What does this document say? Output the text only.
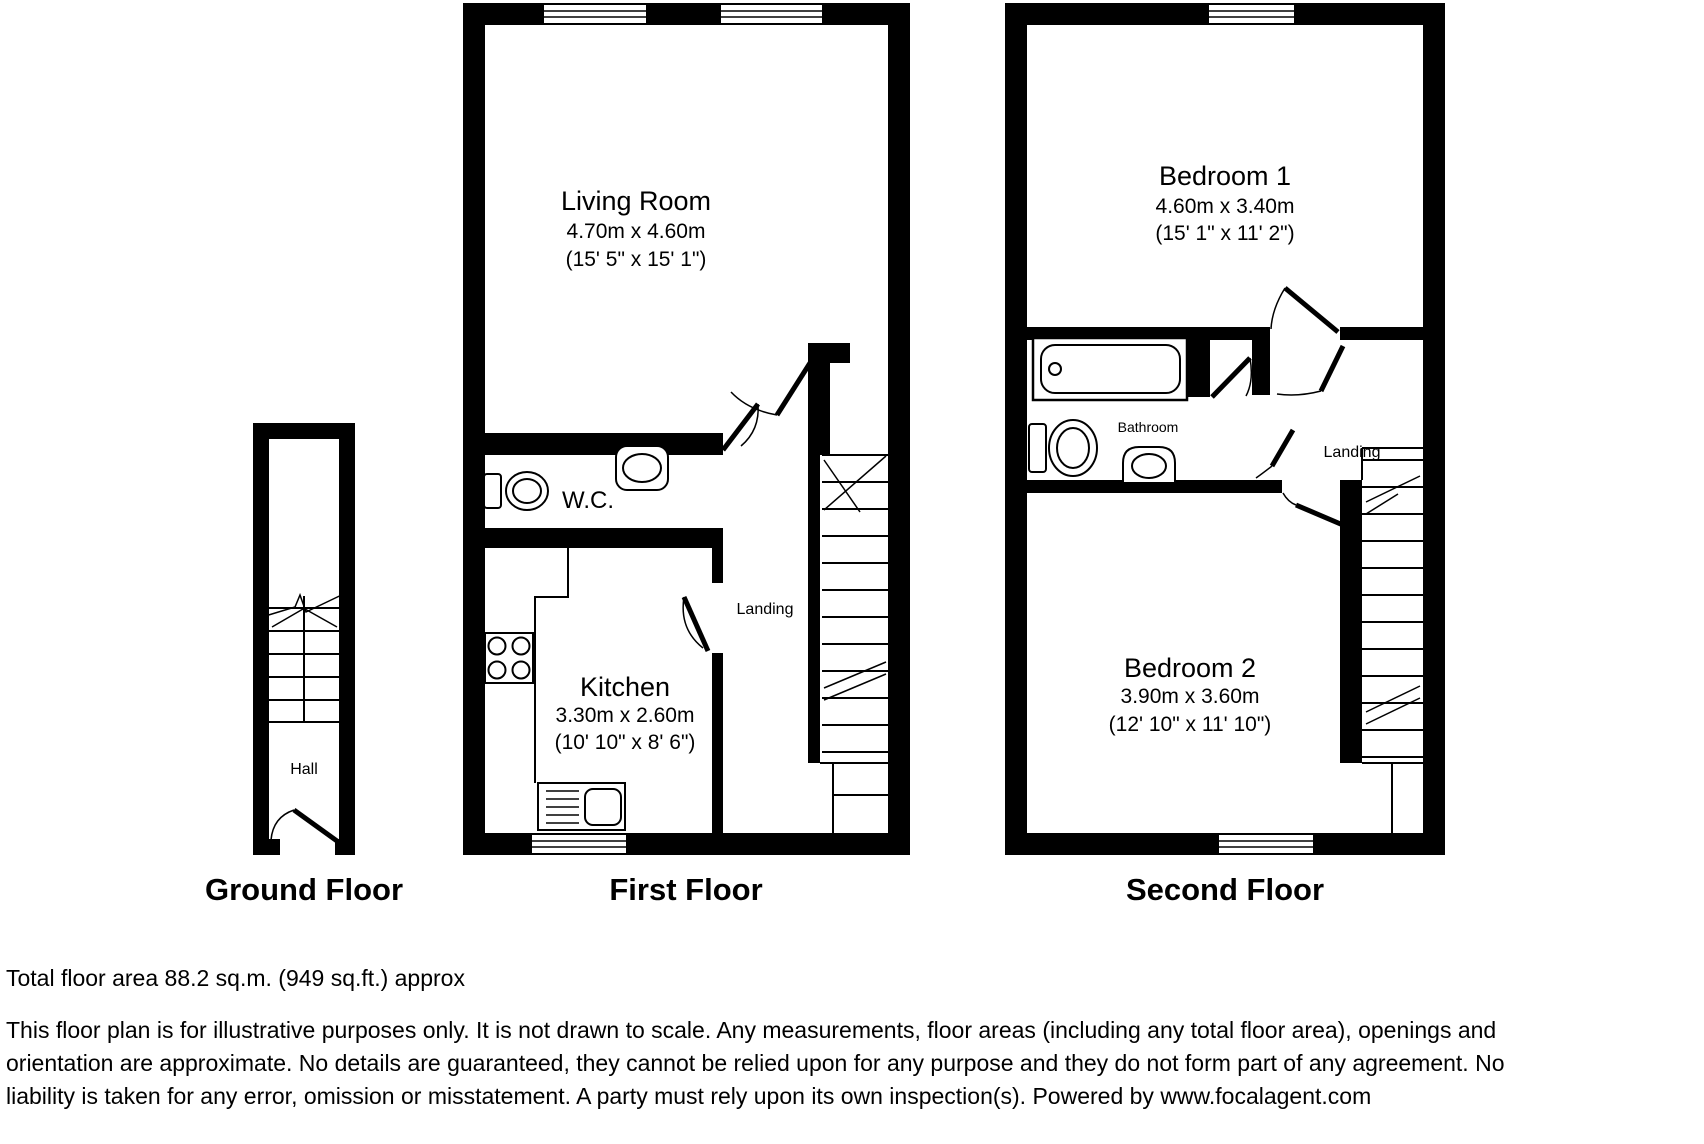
Hall
Ground Floor
Living Room
4.70m x 4.60m
(15' 5" x 15' 1")
W.C.
Kitchen
3.30m x 2.60m
(10' 10" x 8' 6")
Landing
First Floor
Bedroom 1
4.60m x 3.40m
(15' 1" x 11' 2")
Bathroom
Landing
Bedroom 2
3.90m x 3.60m
(12' 10" x 11' 10")
Second Floor
Total floor area 88.2 sq.m. (949 sq.ft.) approx
This floor plan is for illustrative purposes only. It is not drawn to scale. Any measurements, floor areas (including any total floor area), openings and orientation are approximate. No details are guaranteed, they cannot be relied upon for any purpose and they do not form part of any agreement. No liability is taken for any error, omission or misstatement. A party must rely upon its own inspection(s). Powered by www.focalagent.com
